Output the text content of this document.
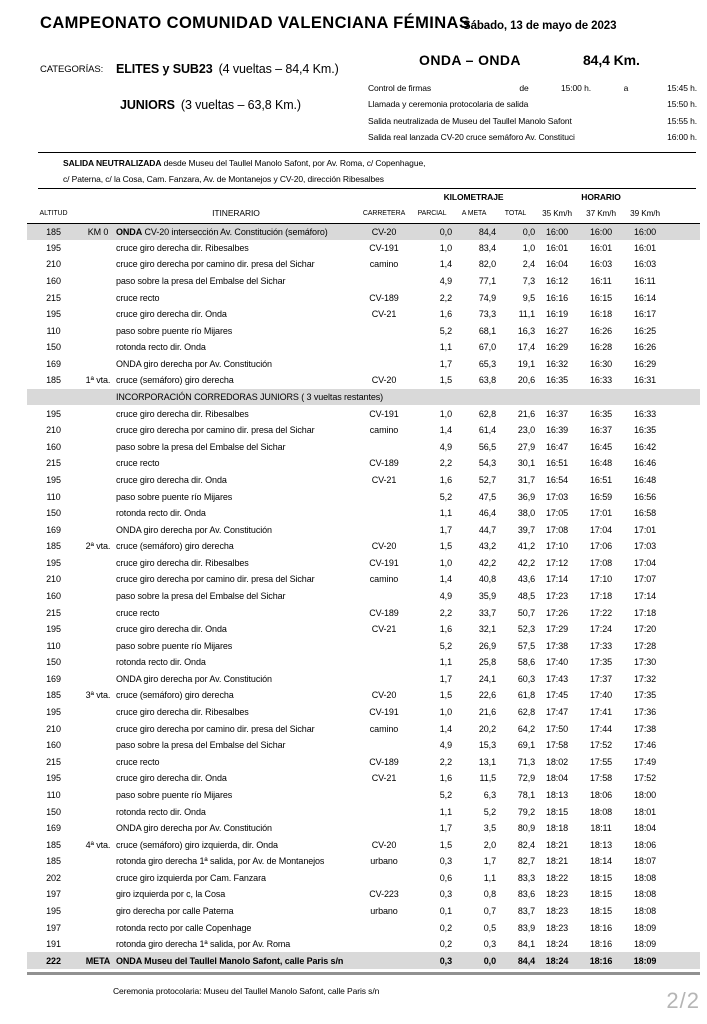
CAMPEONATO COMUNIDAD VALENCIANA FÉMINAS
Sábado, 13 de mayo de 2023
CATEGORÍAS: ELITES y SUB23 (4 vueltas – 84,4 Km.)
JUNIORS (3 vueltas – 63,8 Km.)
ONDA – ONDA	84,4 Km.
Control de firmas	de	15:00 h.	a	15:45 h.
Llamada y ceremonia protocolaria de salida	15:50 h.
Salida neutralizada de Museu del Taullel Manolo Safont	15:55 h.
Salida real lanzada CV-20 cruce semáforo Av. Constituci	16:00 h.
SALIDA NEUTRALIZADA desde Museu del Taullel Manolo Safont, por Av. Roma, c/ Copenhague,
c/ Paterna, c/ la Cosa, Cam. Fanzara, Av. de Montanejos y CV-20, dirección Ribesalbes
				KILOMETRAJE			HORARIO			
ALTITUD		ITINERARIO	CARRETERA	PARCIAL	A META	TOTAL	35 Km/h	37 Km/h	39 Km/h	
185	KM 0	ONDA CV-20 intersección Av. Constitución (semáforo)	CV-20	0,0	84,4	0,0	16:00	16:00	16:00	
195		cruce giro derecha dir. Ribesalbes	CV-191	1,0	83,4	1,0	16:01	16:01	16:01	
210		cruce giro derecha por camino dir. presa del Sichar	camino	1,4	82,0	2,4	16:04	16:03	16:03	
160		paso sobre la presa del Embalse del Sichar		4,9	77,1	7,3	16:12	16:11	16:11	
215		cruce recto	CV-189	2,2	74,9	9,5	16:16	16:15	16:14	
195		cruce giro derecha dir. Onda	CV-21	1,6	73,3	11,1	16:19	16:18	16:17	
110		paso sobre puente río Mijares		5,2	68,1	16,3	16:27	16:26	16:25	
150		rotonda recto dir. Onda		1,1	67,0	17,4	16:29	16:28	16:26	
169		ONDA giro derecha por Av. Constitución		1,7	65,3	19,1	16:32	16:30	16:29	
185	1ª vta.	cruce (semáforo) giro derecha	CV-20	1,5	63,8	20,6	16:35	16:33	16:31	
		INCORPORACIÓN CORREDORAS JUNIORS ( 3 vueltas restantes)								
195		cruce giro derecha dir. Ribesalbes	CV-191	1,0	62,8	21,6	16:37	16:35	16:33	
210		cruce giro derecha por camino dir. presa del Sichar	camino	1,4	61,4	23,0	16:39	16:37	16:35	
160		paso sobre la presa del Embalse del Sichar		4,9	56,5	27,9	16:47	16:45	16:42	
215		cruce recto	CV-189	2,2	54,3	30,1	16:51	16:48	16:46	
195		cruce giro derecha dir. Onda	CV-21	1,6	52,7	31,7	16:54	16:51	16:48	
110		paso sobre puente río Mijares		5,2	47,5	36,9	17:03	16:59	16:56	
150		rotonda recto dir. Onda		1,1	46,4	38,0	17:05	17:01	16:58	
169		ONDA giro derecha por Av. Constitución		1,7	44,7	39,7	17:08	17:04	17:01	
185	2ª vta.	cruce (semáforo) giro derecha	CV-20	1,5	43,2	41,2	17:10	17:06	17:03	
195		cruce giro derecha dir. Ribesalbes	CV-191	1,0	42,2	42,2	17:12	17:08	17:04	
210		cruce giro derecha por camino dir. presa del Sichar	camino	1,4	40,8	43,6	17:14	17:10	17:07	
160		paso sobre la presa del Embalse del Sichar		4,9	35,9	48,5	17:23	17:18	17:14	
215		cruce recto	CV-189	2,2	33,7	50,7	17:26	17:22	17:18	
195		cruce giro derecha dir. Onda	CV-21	1,6	32,1	52,3	17:29	17:24	17:20	
110		paso sobre puente río Mijares		5,2	26,9	57,5	17:38	17:33	17:28	
150		rotonda recto dir. Onda		1,1	25,8	58,6	17:40	17:35	17:30	
169		ONDA giro derecha por Av. Constitución		1,7	24,1	60,3	17:43	17:37	17:32	
185	3ª vta.	cruce (semáforo) giro derecha	CV-20	1,5	22,6	61,8	17:45	17:40	17:35	
195		cruce giro derecha dir. Ribesalbes	CV-191	1,0	21,6	62,8	17:47	17:41	17:36	
210		cruce giro derecha por camino dir. presa del Sichar	camino	1,4	20,2	64,2	17:50	17:44	17:38	
160		paso sobre la presa del Embalse del Sichar		4,9	15,3	69,1	17:58	17:52	17:46	
215		cruce recto	CV-189	2,2	13,1	71,3	18:02	17:55	17:49	
195		cruce giro derecha dir. Onda	CV-21	1,6	11,5	72,9	18:04	17:58	17:52	
110		paso sobre puente río Mijares		5,2	6,3	78,1	18:13	18:06	18:00	
150		rotonda recto dir. Onda		1,1	5,2	79,2	18:15	18:08	18:01	
169		ONDA giro derecha por Av. Constitución		1,7	3,5	80,9	18:18	18:11	18:04	
185	4ª vta.	cruce (semáforo) giro izquierda, dir. Onda	CV-20	1,5	2,0	82,4	18:21	18:13	18:06	
185		rotonda giro derecha 1ª salida, por Av. de Montanejos	urbano	0,3	1,7	82,7	18:21	18:14	18:07	
202		cruce giro izquierda por Cam. Fanzara		0,6	1,1	83,3	18:22	18:15	18:08	
197		giro izquierda por c, la Cosa	CV-223	0,3	0,8	83,6	18:23	18:15	18:08	
195		giro derecha por calle Paterna	urbano	0,1	0,7	83,7	18:23	18:15	18:08	
197		rotonda recto por calle Copenhage		0,2	0,5	83,9	18:23	18:16	18:09	
191		rotonda giro derecha 1ª salida, por Av. Roma		0,2	0,3	84,1	18:24	18:16	18:09	
222	META	ONDA Museu del Taullel Manolo Safont, calle Paris s/n		0,3	0,0	84,4	18:24	18:16	18:09	
Ceremonia protocolaria: Museu del Taullel Manolo Safont, calle Paris s/n	2/2
